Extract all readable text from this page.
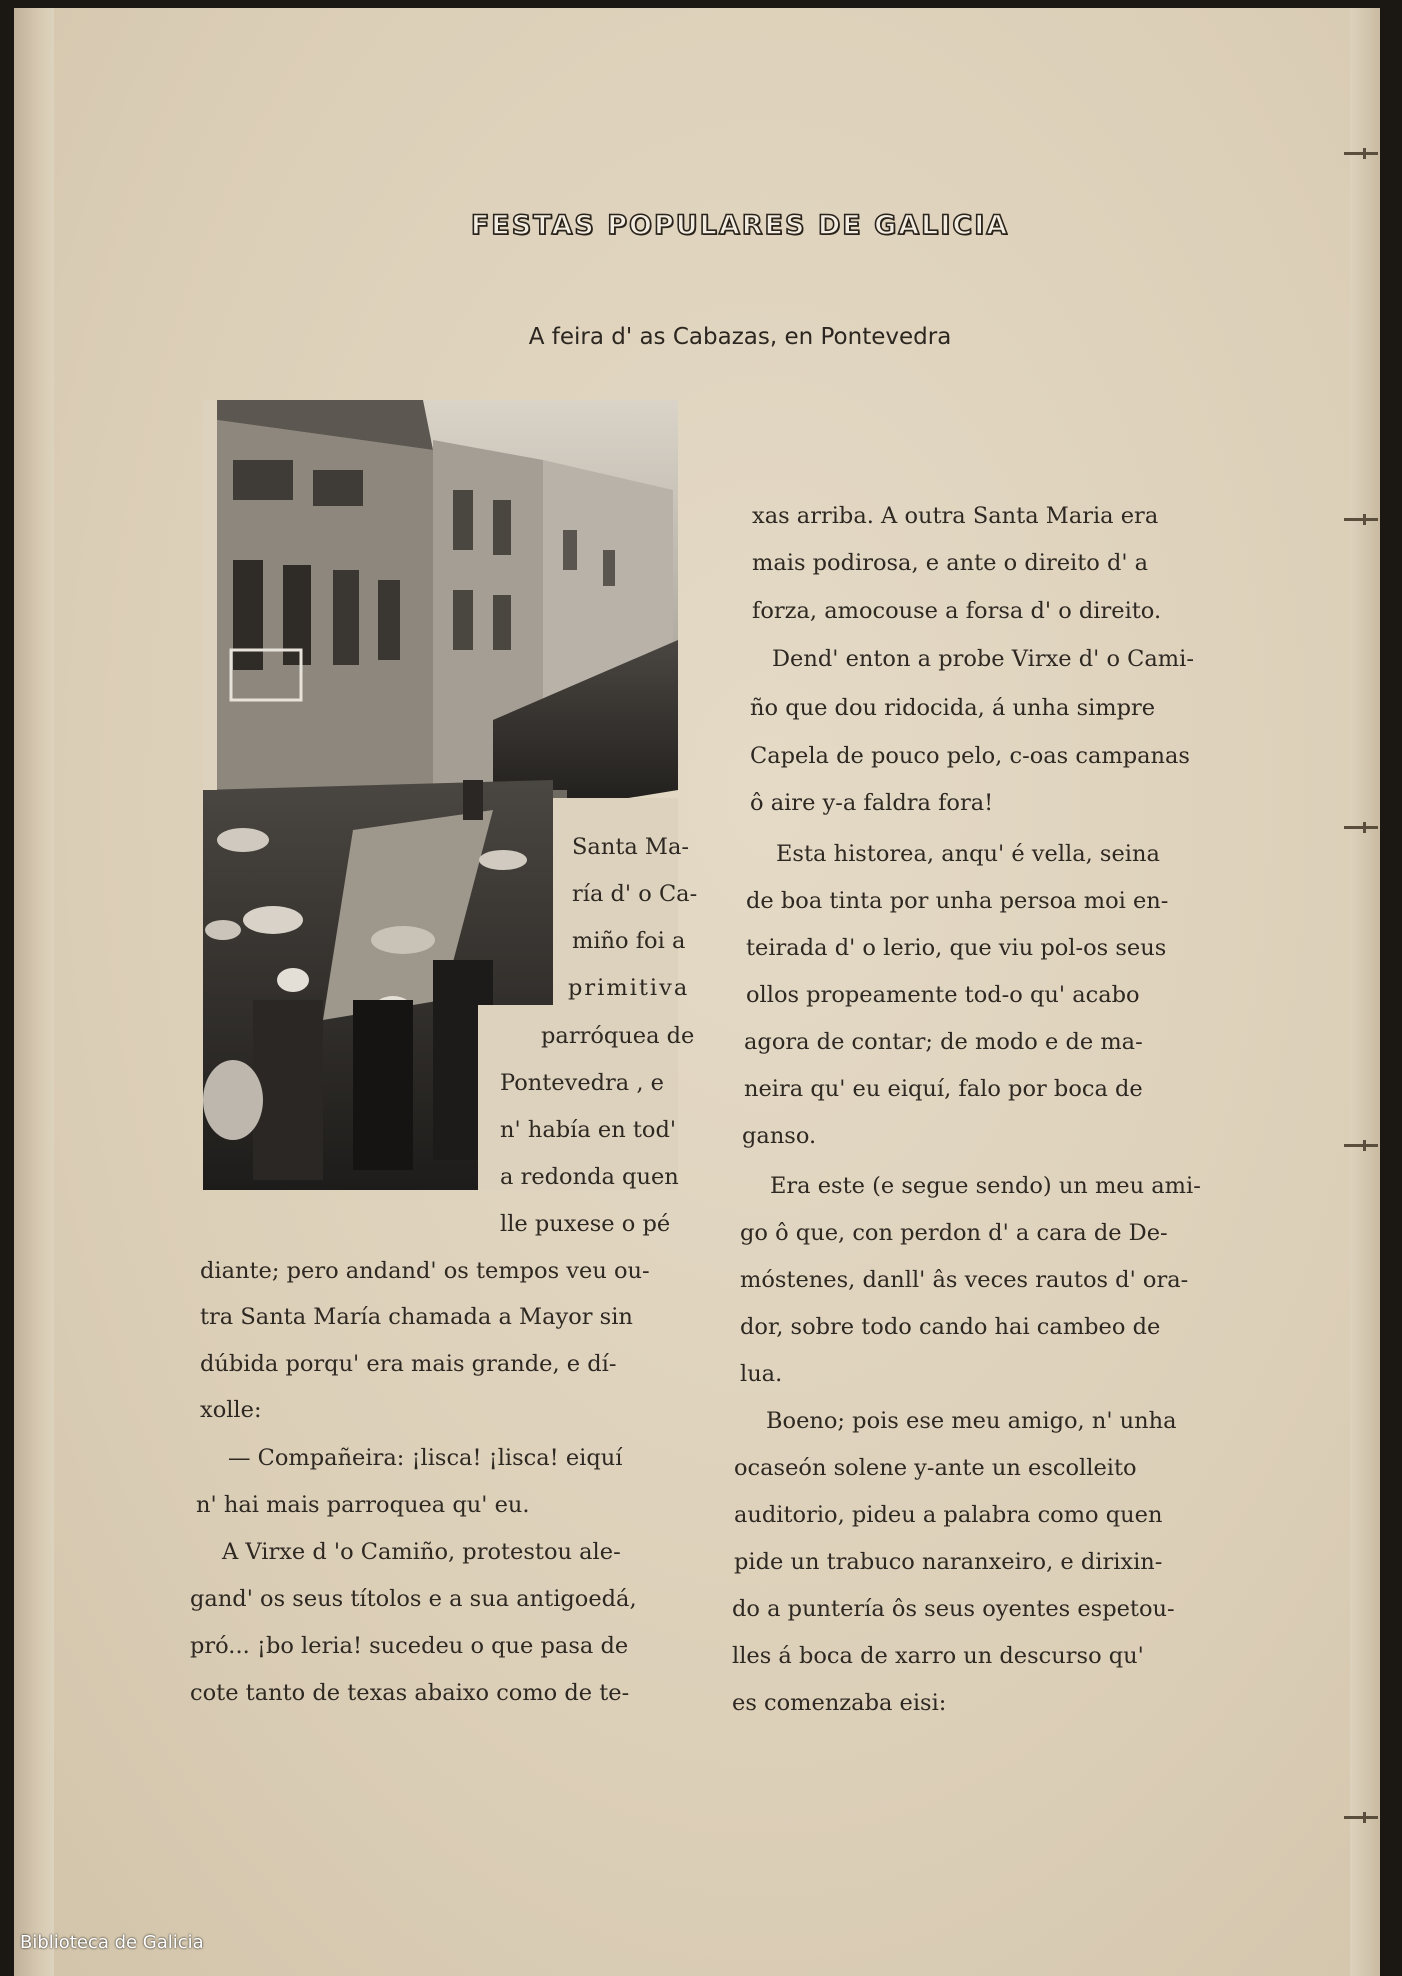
FESTAS POPULARES DE GALICIA
A feira d' as Cabazas, en Pontevedra
Santa Ma-
ría d' o Ca-
miño foi a
primitiva
parróquea de
Pontevedra , e
n' había en tod'
a redonda quen
lle puxese o pé
diante; pero andand' os tempos veu ou-
tra Santa María chamada a Mayor sin
dúbida porqu' era mais grande, e dí-
xolle:
— Compañeira: ¡lisca! ¡lisca! eiquí
n' hai mais parroquea qu' eu.
A Virxe d 'o Camiño, protestou ale-
gand' os seus títolos e a sua antigoedá,
pró... ¡bo leria! sucedeu o que pasa de
cote tanto de texas abaixo como de te-
xas arriba. A outra Santa Maria era
mais podirosa, e ante o direito d' a
forza, amocouse a forsa d' o direito.
Dend' enton a probe Virxe d' o Cami-
ño que dou ridocida, á unha simpre
Capela de pouco pelo, c-oas campanas
ô aire y-a faldra fora!
Esta historea, anqu' é vella, seina
de boa tinta por unha persoa moi en-
teirada d' o lerio, que viu pol-os seus
ollos propeamente tod-o qu' acabo
agora de contar; de modo e de ma-
neira qu' eu eiquí, falo por boca de
ganso.
Era este (e segue sendo) un meu ami-
go ô que, con perdon d' a cara de De-
móstenes, danll' âs veces rautos d' ora-
dor, sobre todo cando hai cambeo de
lua.
Boeno; pois ese meu amigo, n' unha
ocaseón solene y-ante un escolleito
auditorio, pideu a palabra como quen
pide un trabuco naranxeiro, e dirixin-
do a puntería ôs seus oyentes espetou-
lles á boca de xarro un descurso qu'
es comenzaba eisi:
Biblioteca de Galicia
